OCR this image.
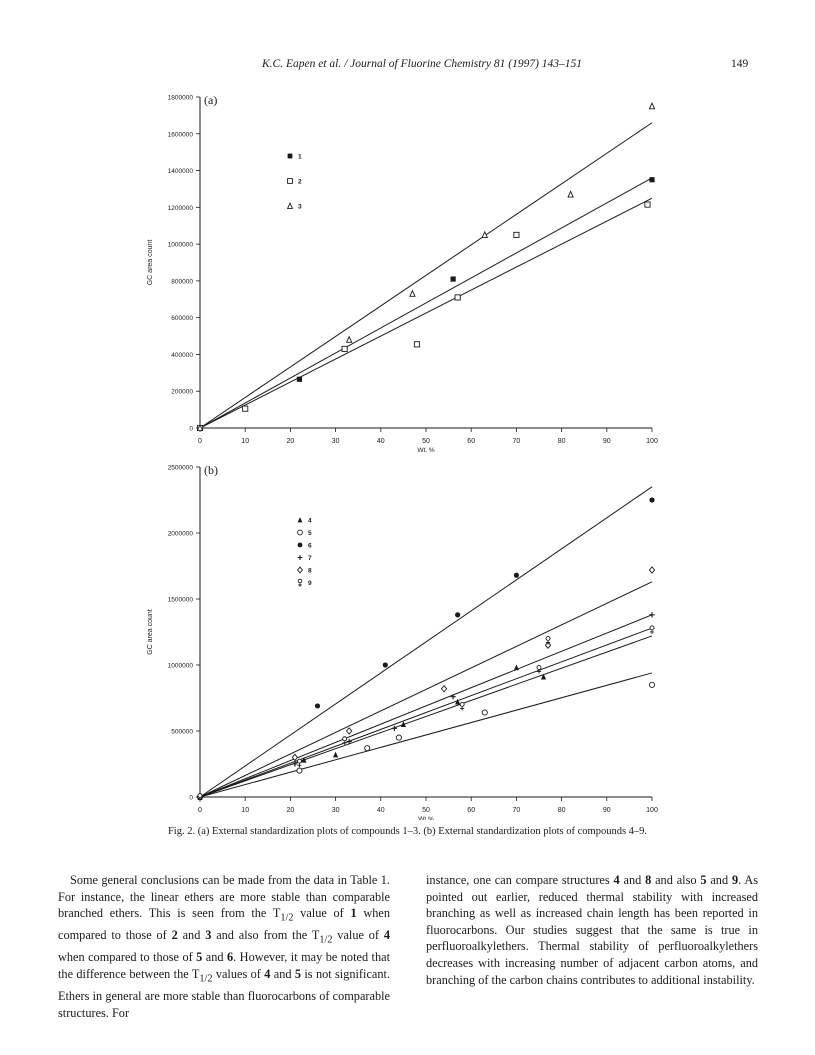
K.C. Eapen et al. / Journal of Fluorine Chemistry 81 (1997) 143–151	149
0	10	20	30	40	50	60	70	80	90	100
0
200000
400000
600000
800000
1000000
1200000
1400000
1600000
1800000
Wt. %
GC area count
(a)
1
2
3
0	10	20	30	40	50	60	70	80	90	100
0
500000
1000000
1500000
2000000
2500000
Wt %
GC area count
(b)
4
5
6
7
8
9
Fig. 2. (a) External standardization plots of compounds 1–3. (b) External standardization plots of compounds 4–9.

Some general conclusions can be made from the data in Table 1. For instance, the linear ethers are more stable than comparable branched ethers. This is seen from the $T_{1/2}$ value of 1 when compared to those of 2 and 3 and also from the $T_{1/2}$ value of 4 when compared to those of 5 and 6. However, it may be noted that the difference between the $T_{1/2}$ values of 4 and 5 is not significant. Ethers in general are more stable than fluorocarbons of comparable structures. For

instance, one can compare structures 4 and 8 and also 5 and 9. As pointed out earlier, reduced thermal stability with increased branching as well as increased chain length has been reported in fluorocarbons. Our studies suggest that the same is true in perfluoroalkylethers. Thermal stability of perfluoroalkylethers decreases with increasing number of adjacent carbon atoms, and branching of the carbon chains contributes to additional instability.
